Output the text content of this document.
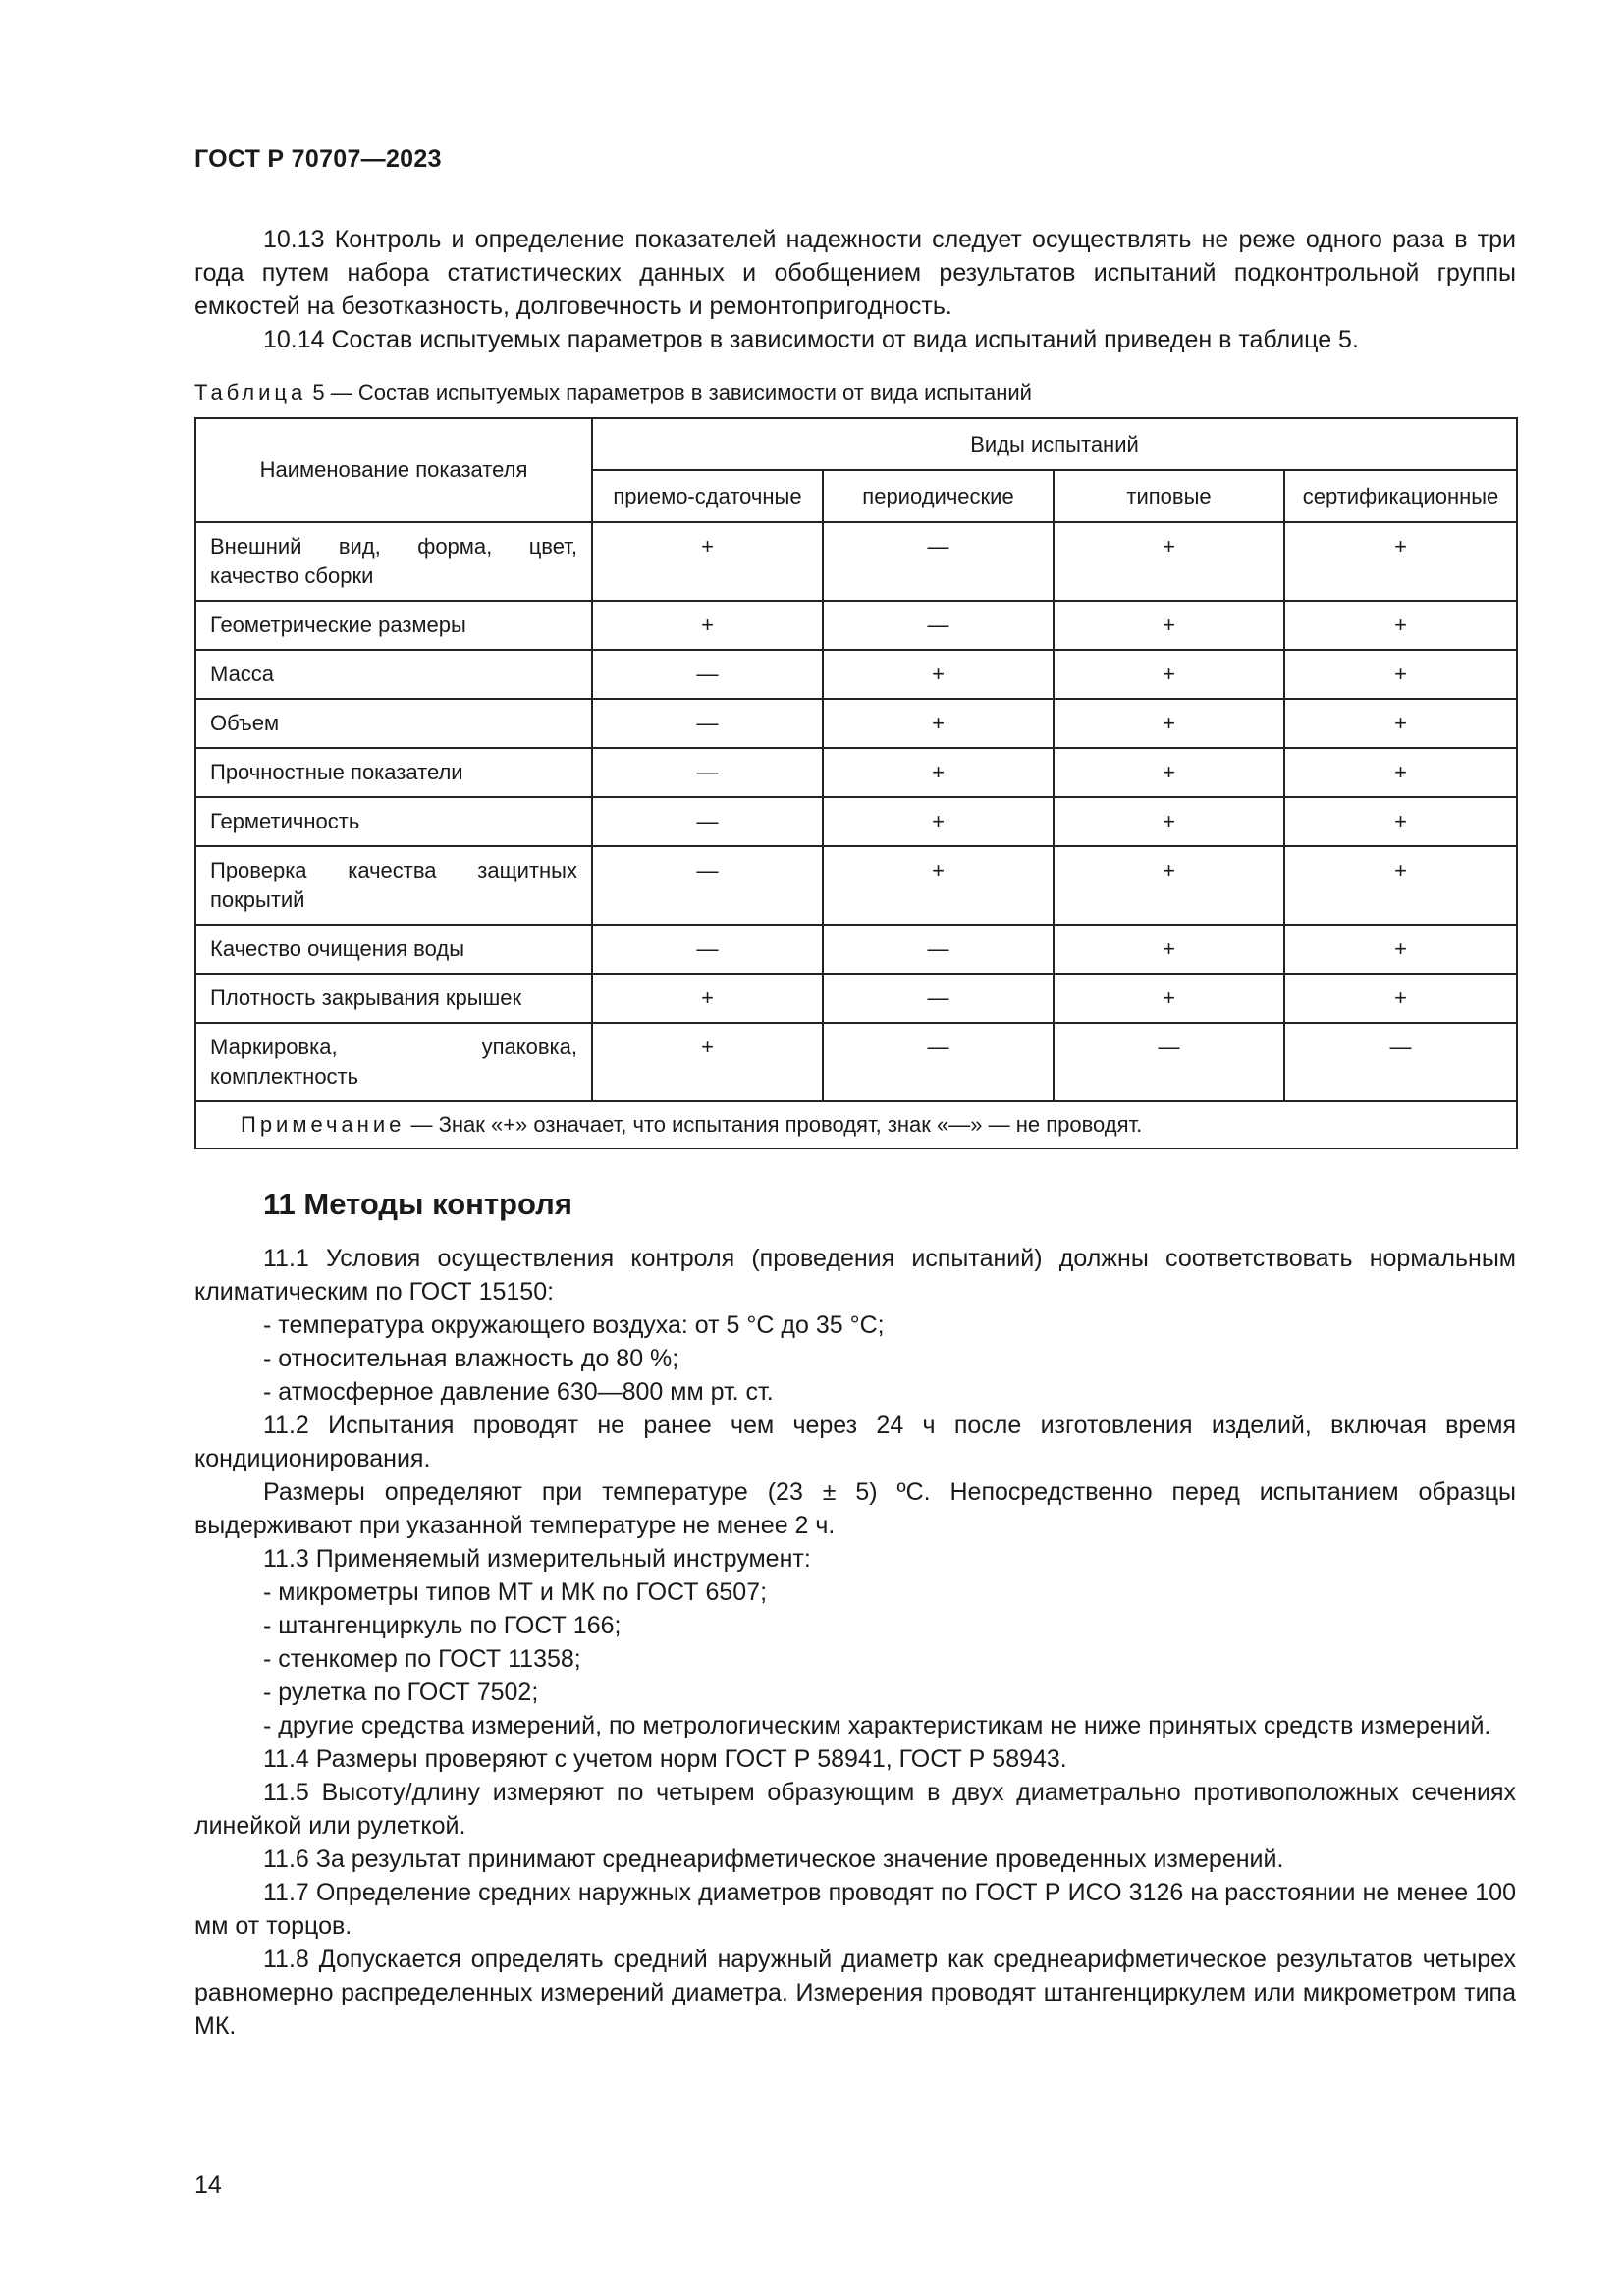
ГОСТ Р 70707—2023

10.13 Контроль и определение показателей надежности следует осуществлять не реже одного раза в три года путем набора статистических данных и обобщением результатов испытаний подконтрольной группы емкостей на безотказность, долговечность и ремонтопригодность.

10.14 Состав испытуемых параметров в зависимости от вида испытаний приведен в таблице 5.

Таблица 5 — Состав испытуемых параметров в зависимости от вида испытаний
Наименование показателя	Виды испытаний			
	приемо-сдаточные	периодические	типовые	сертификационные
Внешний вид, форма, цвет, качество сборки	+	—	+	+
Геометрические размеры	+	—	+	+
Масса	—	+	+	+
Объем	—	+	+	+
Прочностные показатели	—	+	+	+
Герметичность	—	+	+	+
Проверка качества защитных покрытий	—	+	+	+
Качество очищения воды	—	—	+	+
Плотность закрывания крышек	+	—	+	+
Маркировка, упаковка, комплектность	+	—	—	—
Примечание — Знак «+» означает, что испытания проводят, знак «—» — не проводят.				
11 Методы контроля

11.1 Условия осуществления контроля (проведения испытаний) должны соответствовать нормальным климатическим по ГОСТ 15150:

- температура окружающего воздуха: от 5 °С до 35 °С;

- относительная влажность до 80 %;

- атмосферное давление 630—800 мм рт. ст.

11.2 Испытания проводят не ранее чем через 24 ч после изготовления изделий, включая время кондиционирования.

Размеры определяют при температуре (23 ± 5) ºС. Непосредственно перед испытанием образцы выдерживают при указанной температуре не менее 2 ч.

11.3 Применяемый измерительный инструмент:

- микрометры типов МТ и МК по ГОСТ 6507;

- штангенциркуль по ГОСТ 166;

- стенкомер по ГОСТ 11358;

- рулетка по ГОСТ 7502;

- другие средства измерений, по метрологическим характеристикам не ниже принятых средств измерений.

11.4 Размеры проверяют с учетом норм ГОСТ Р 58941, ГОСТ Р 58943.

11.5 Высоту/длину измеряют по четырем образующим в двух диаметрально противоположных сечениях линейкой или рулеткой.

11.6 За результат принимают среднеарифметическое значение проведенных измерений.

11.7 Определение средних наружных диаметров проводят по ГОСТ Р ИСО 3126 на расстоянии не менее 100 мм от торцов.

11.8 Допускается определять средний наружный диаметр как среднеарифметическое результатов четырех равномерно распределенных измерений диаметра. Измерения проводят штангенциркулем или микрометром типа МК.

14
